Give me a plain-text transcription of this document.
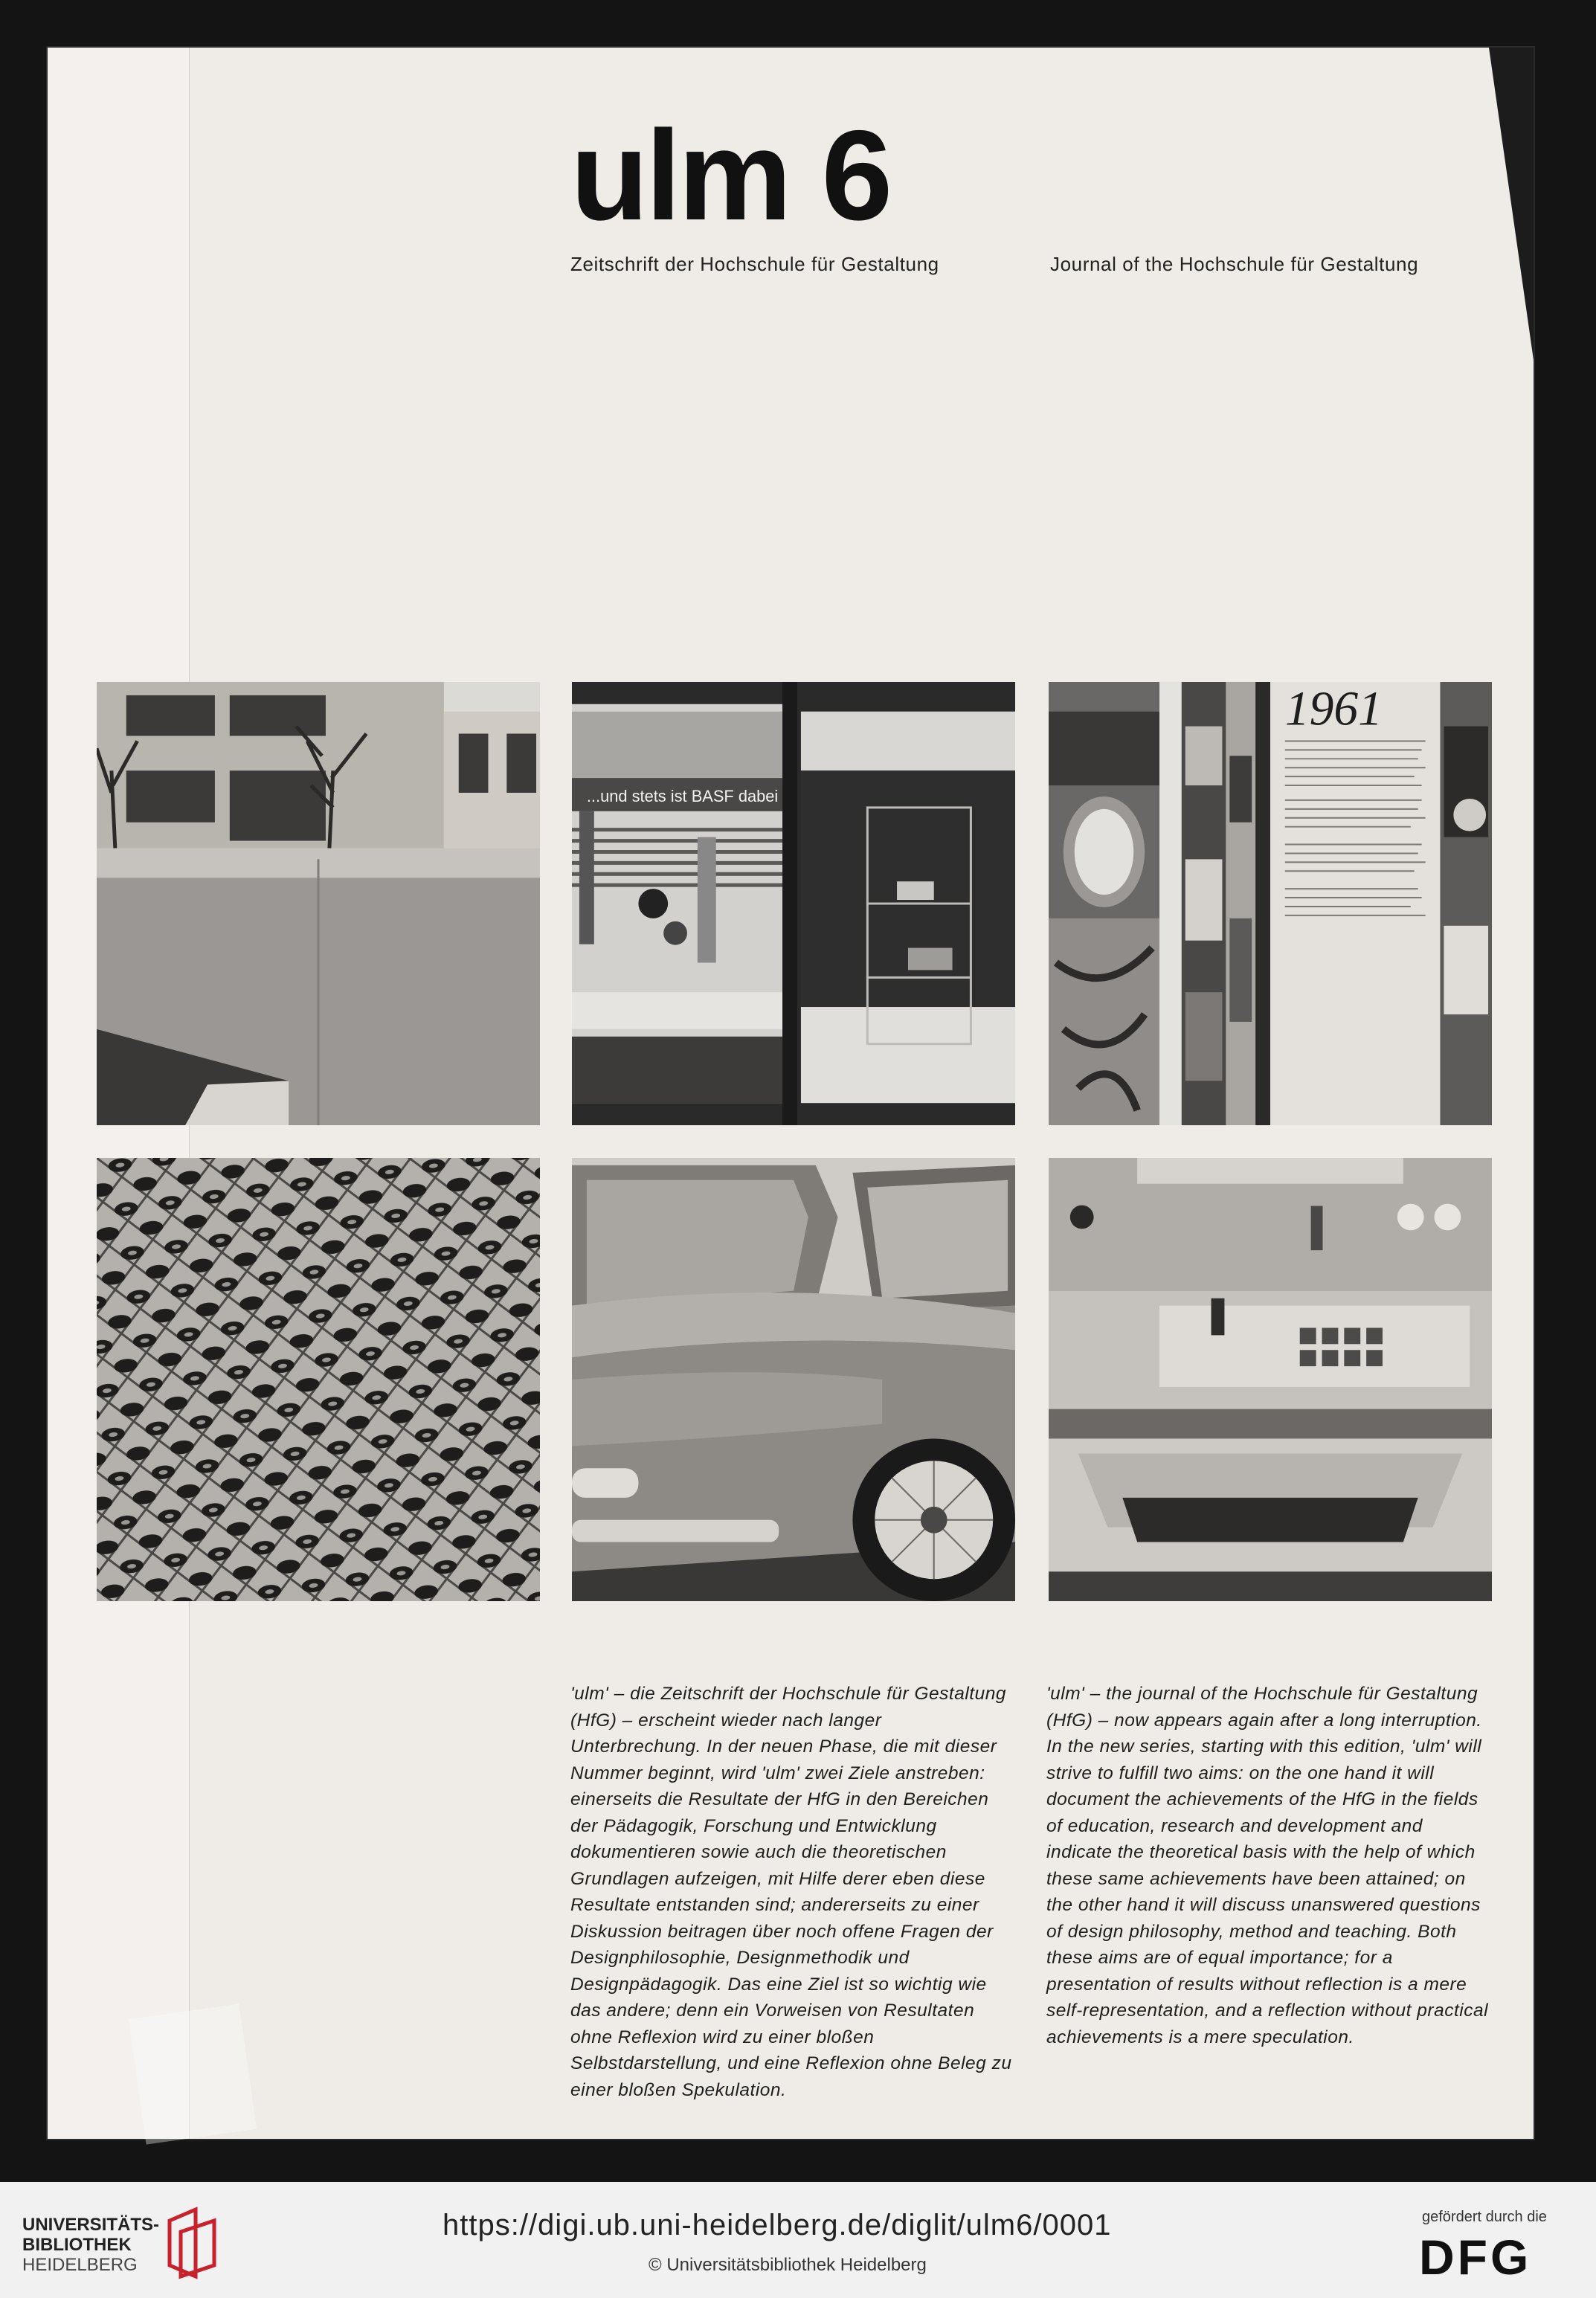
ulm 6
Zeitschrift der Hochschule für Gestaltung	Journal of the Hochschule für Gestaltung
...und stets ist BASF dabei
1961

'ulm' – die Zeitschrift der Hochschule für Gestaltung (HfG) – erscheint wieder nach langer Unterbrechung. In der neuen Phase, die mit dieser Nummer beginnt, wird 'ulm' zwei Ziele anstreben: einerseits die Resultate der HfG in den Bereichen der Pädagogik, Forschung und Entwicklung dokumentieren sowie auch die theoretischen Grundlagen aufzeigen, mit Hilfe derer eben diese Resultate entstanden sind; andererseits zu einer Diskussion beitragen über noch offene Fragen der Designphilosophie, Designmethodik und Designpädagogik. Das eine Ziel ist so wichtig wie das andere; denn ein Vorweisen von Resultaten ohne Reflexion wird zu einer bloßen Selbstdarstellung, und eine Reflexion ohne Beleg zu einer bloßen Spekulation.

'ulm' – the journal of the Hochschule für Gestaltung (HfG) – now appears again after a long interruption. In the new series, starting with this edition, 'ulm' will strive to fulfill two aims: on the one hand it will document the achievements of the HfG in the fields of education, research and development and indicate the theoretical basis with the help of which these same achievements have been attained; on the other hand it will discuss unanswered questions of design philosophy, method and teaching. Both these aims are of equal importance; for a presentation of results without reflection is a mere self-representation, and a reflection without practical achievements is a mere speculation.

UNIVERSITÄTS-
BIBLIOTHEK
HEIDELBERG
https://digi.ub.uni-heidelberg.de/diglit/ulm6/0001
© Universitätsbibliothek Heidelberg
gefördert durch die
DFG
